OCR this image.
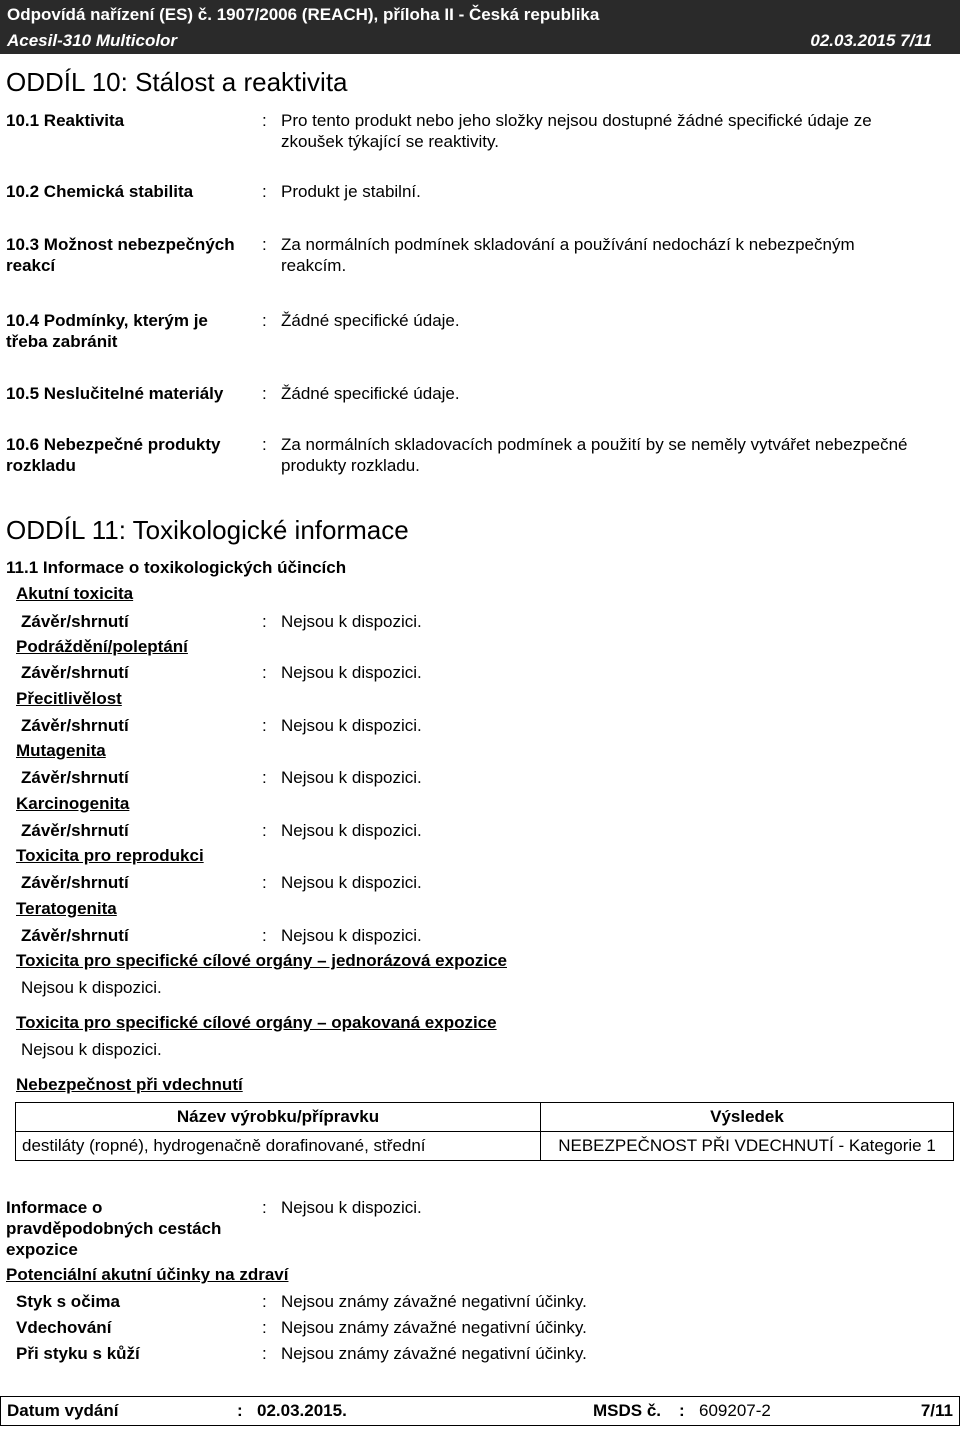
Odpovídá nařízení (ES) č. 1907/2006 (REACH), příloha II - Česká republika
Acesil-310 Multicolor	02.03.2015 7/11
ODDÍL 10: Stálost a reaktivita
10.1 Reaktivita	: Pro tento produkt nebo jeho složky nejsou dostupné žádné specifické údaje ze zkoušek týkající se reaktivity.
10.2 Chemická stabilita	: Produkt je stabilní.
10.3 Možnost nebezpečných reakcí
: Za normálních podmínek skladování a používání nedochází k nebezpečným reakcím.
10.4 Podmínky, kterým je třeba zabránit
: Žádné specifické údaje.
10.5 Neslučitelné materiály	: Žádné specifické údaje.
10.6 Nebezpečné produkty rozkladu
: Za normálních skladovacích podmínek a použití by se neměly vytvářet nebezpečné produkty rozkladu.
ODDÍL 11: Toxikologické informace
11.1 Informace o toxikologických účincích
Akutní toxicita
Závěr/shrnutí	: Nejsou k dispozici.
Podráždění/poleptání
Závěr/shrnutí	: Nejsou k dispozici.
Přecitlivělost
Závěr/shrnutí	: Nejsou k dispozici.
Mutagenita
Závěr/shrnutí	: Nejsou k dispozici.
Karcinogenita
Závěr/shrnutí	: Nejsou k dispozici.
Toxicita pro reprodukci
Závěr/shrnutí	: Nejsou k dispozici.
Teratogenita
Závěr/shrnutí	: Nejsou k dispozici.
Toxicita pro specifické cílové orgány – jednorázová expozice
Nejsou k dispozici.
Toxicita pro specifické cílové orgány – opakovaná expozice
Nejsou k dispozici.
Nebezpečnost při vdechnutí
Název výrobku/přípravku	Výsledek
destiláty (ropné), hydrogenačně dorafinované, střední	NEBEZPEČNOST PŘI VDECHNUTÍ - Kategorie 1
Informace o pravděpodobných cestách expozice
: Nejsou k dispozici.
Potenciální akutní účinky na zdraví
Styk s očima	: Nejsou známy závažné negativní účinky.
Vdechování	: Nejsou známy závažné negativní účinky.
Při styku s kůží	: Nejsou známy závažné negativní účinky.
Datum vydání	: 02.03.2015.	MSDS č. : 609207-2	7/11
